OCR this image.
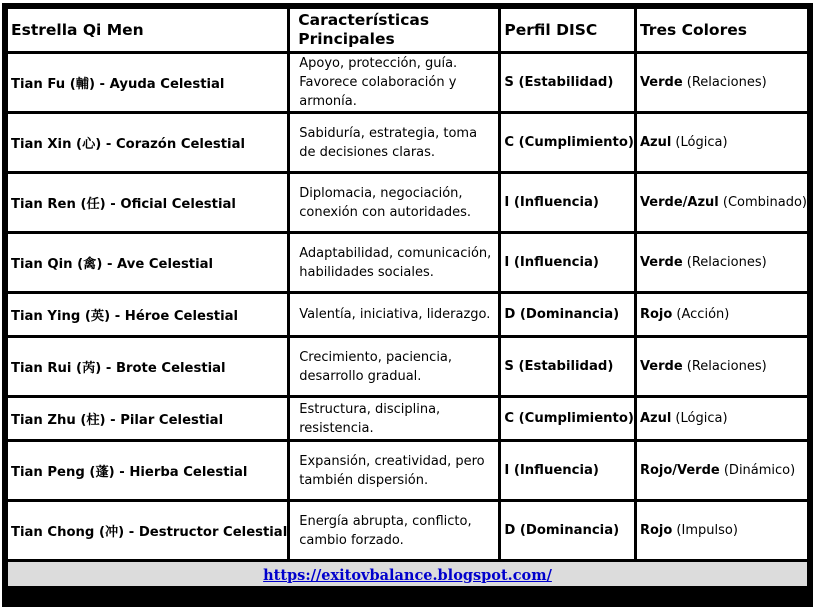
Estrella Qi Men	Características Principales	Perfil DISC	Tres Colores
Tian Fu (輔) - Ayuda Celestial	Apoyo, protección, guía. Favorece colaboración y armonía.	S (Estabilidad)	Verde (Relaciones)
Tian Xin (心) - Corazón Celestial	Sabiduría, estrategia, toma de decisiones claras.	C (Cumplimiento)	Azul (Lógica)
Tian Ren (任) - Oficial Celestial	Diplomacia, negociación, conexión con autoridades.	I (Influencia)	Verde/Azul (Combinado)
Tian Qin (禽) - Ave Celestial	Adaptabilidad, comunicación, habilidades sociales.	I (Influencia)	Verde (Relaciones)
Tian Ying (英) - Héroe Celestial	Valentía, iniciativa, liderazgo.	D (Dominancia)	Rojo (Acción)
Tian Rui (芮) - Brote Celestial	Crecimiento, paciencia, desarrollo gradual.	S (Estabilidad)	Verde (Relaciones)
Tian Zhu (柱) - Pilar Celestial	Estructura, disciplina, resistencia.	C (Cumplimiento)	Azul (Lógica)
Tian Peng (蓬) - Hierba Celestial	Expansión, creatividad, pero también dispersión.	I (Influencia)	Rojo/Verde (Dinámico)
Tian Chong (冲) - Destructor Celestial	Energía abrupta, conflicto, cambio forzado.	D (Dominancia)	Rojo (Impulso)
https://exitovbalance.blogspot.com/			
